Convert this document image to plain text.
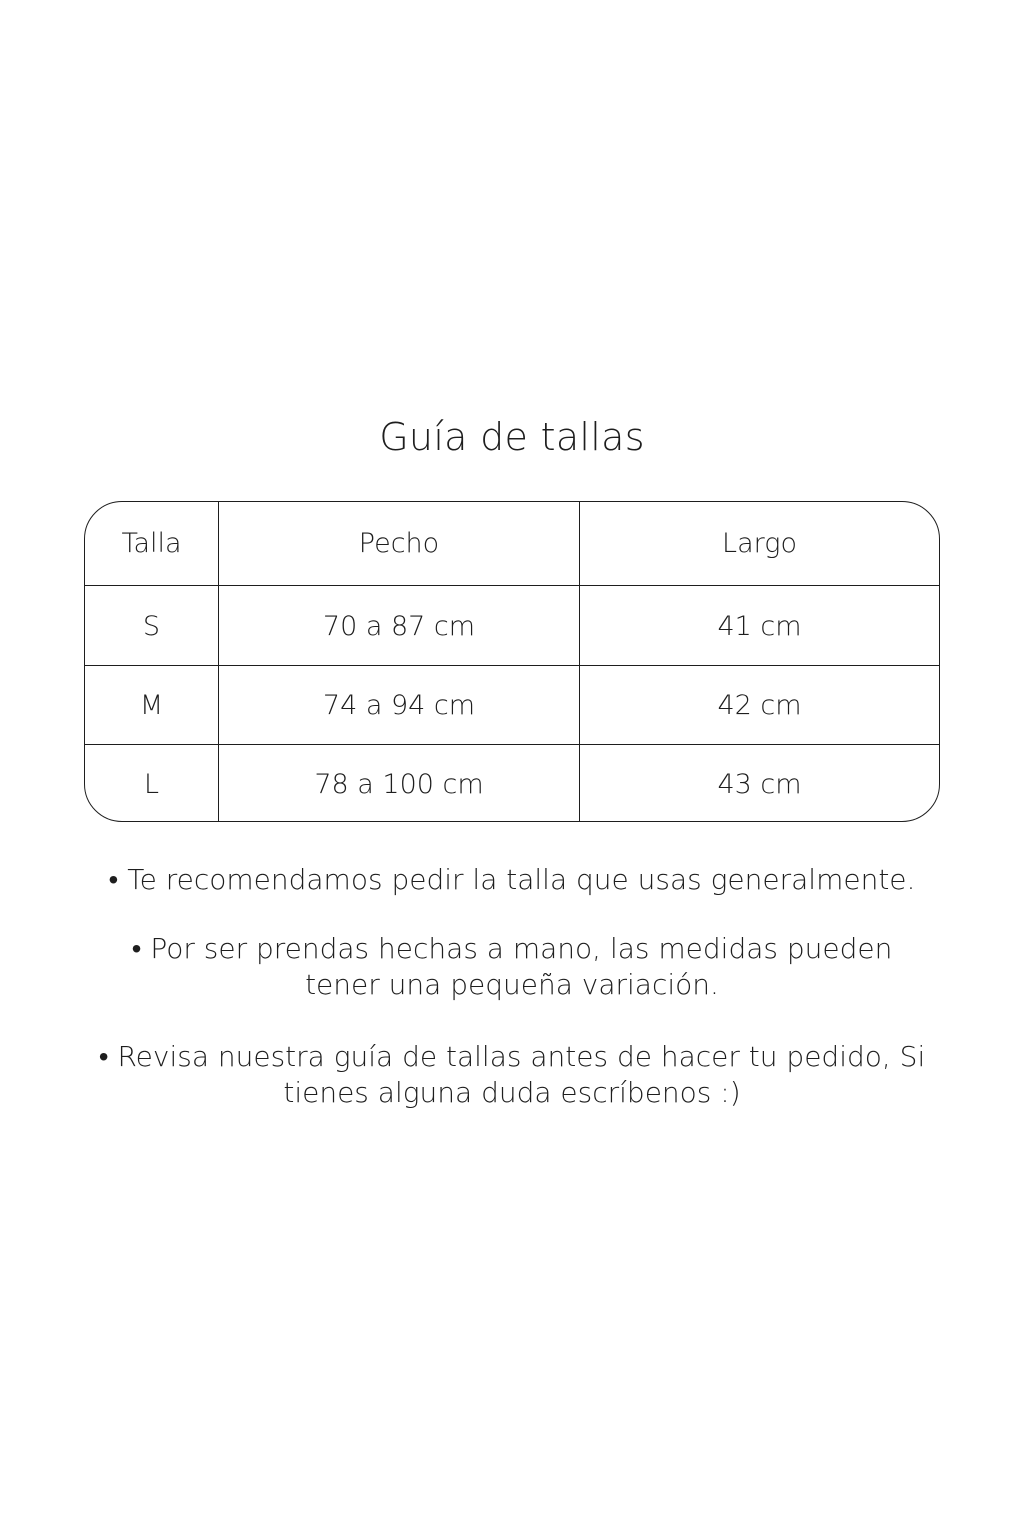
Guía de tallas
Talla	Pecho	Largo
S	70 a 87 cm	41 cm
M	74 a 94 cm	42 cm
L	78 a 100 cm	43 cm
• Te recomendamos pedir la talla que usas generalmente.
• Por ser prendas hechas a mano, las medidas pueden
tener una pequeña variación.
• Revisa nuestra guía de tallas antes de hacer tu pedido, Si
tienes alguna duda escríbenos :)
